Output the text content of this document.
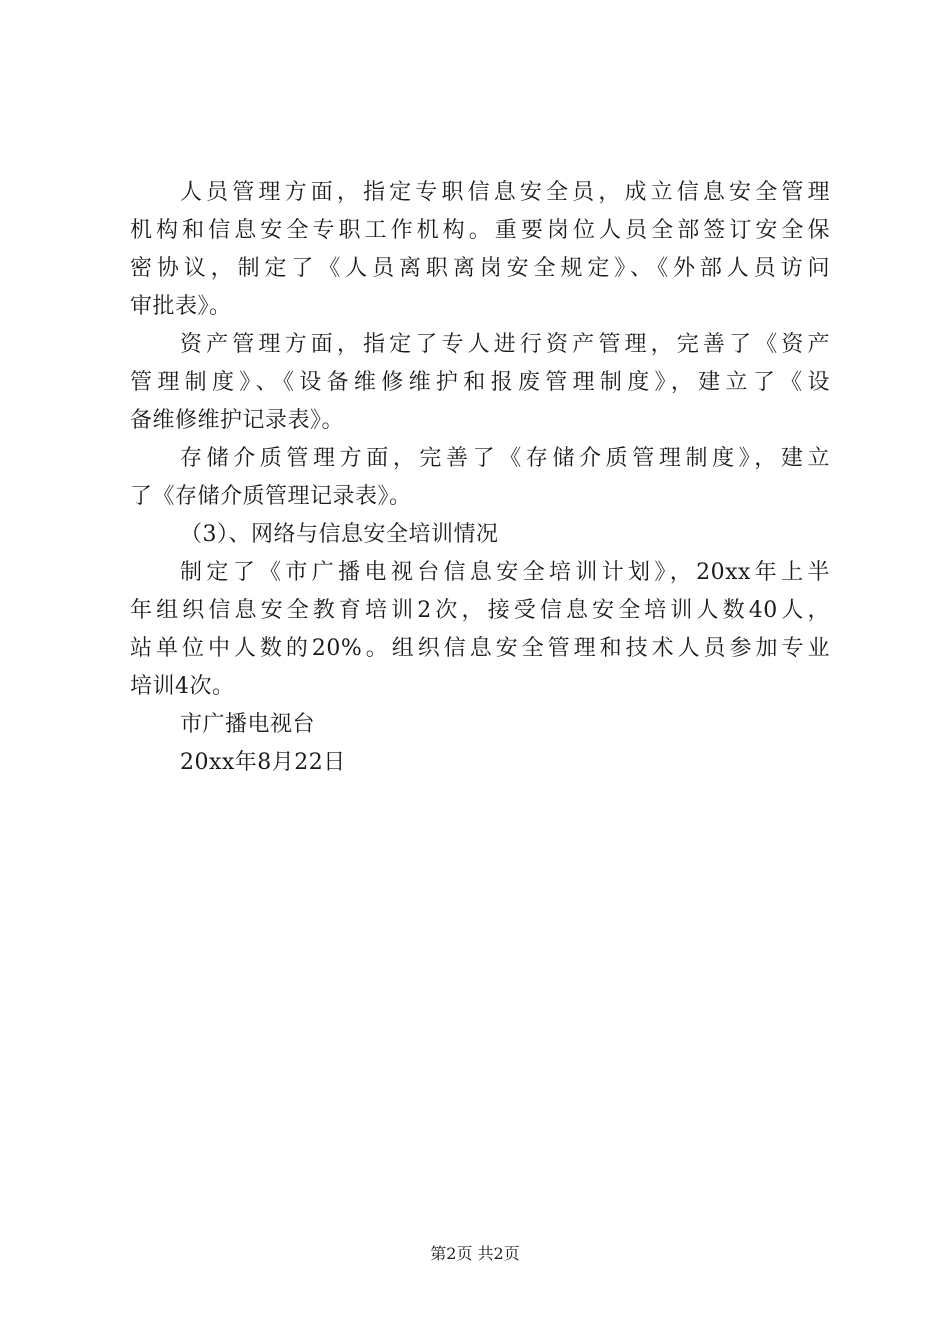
人员管理方面，指定专职信息安全员，成立信息安全管理
机构和信息安全专职工作机构。重要岗位人员全部签订安全保
密协议，制定了《人员离职离岗安全规定》、《外部人员访问
审批表》。
资产管理方面，指定了专人进行资产管理，完善了《资产
管理制度》、《设备维修维护和报废管理制度》，建立了《设
备维修维护记录表》。
存储介质管理方面，完善了《存储介质管理制度》，建立
了《存储介质管理记录表》。
（3）、网络与信息安全培训情况
制定了《市广播电视台信息安全培训计划》，20xx年上半
年组织信息安全教育培训2次，接受信息安全培训人数40人，
站单位中人数的20%。组织信息安全管理和技术人员参加专业
培训4次。
市广播电视台
20xx年8月22日
第2页 共2页
